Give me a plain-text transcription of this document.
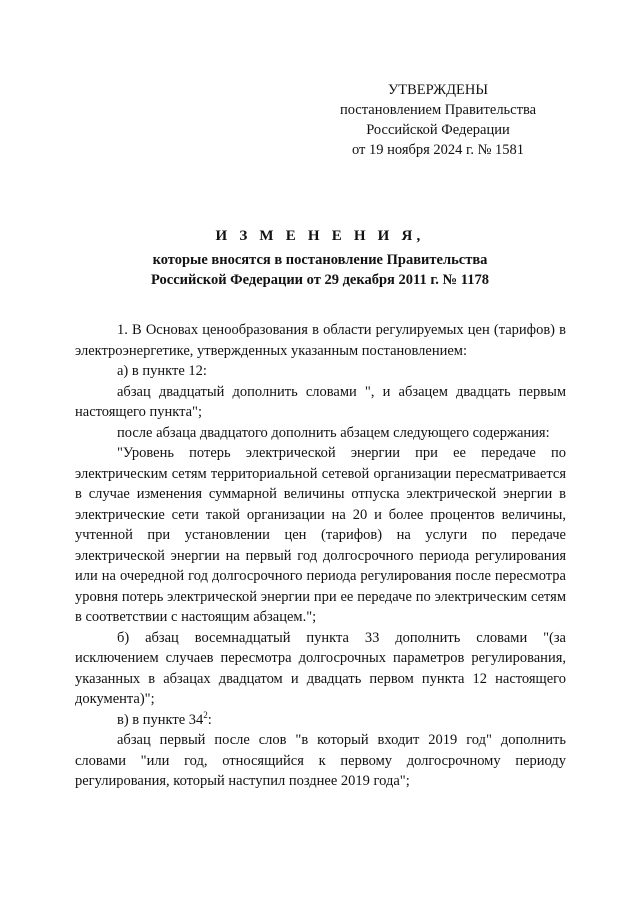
УТВЕРЖДЕНЫ
постановлением Правительства
Российской Федерации
от 19 ноября 2024 г. № 1581
И З М Е Н Е Н И Я,
которые вносятся в постановление Правительства
Российской Федерации от 29 декабря 2011 г. № 1178

1. В Основах ценообразования в области регулируемых цен (тарифов) в электроэнергетике, утвержденных указанным постановлением:

а) в пункте 12:

абзац двадцатый дополнить словами ", и абзацем двадцать первым настоящего пункта";

после абзаца двадцатого дополнить абзацем следующего содержания:

"Уровень потерь электрической энергии при ее передаче по электрическим сетям территориальной сетевой организации пересматривается в случае изменения суммарной величины отпуска электрической энергии в электрические сети такой организации на 20 и более процентов величины, учтенной при установлении цен (тарифов) на услуги по передаче электрической энергии на первый год долгосрочного периода регулирования или на очередной год долгосрочного периода регулирования после пересмотра уровня потерь электрической энергии при ее передаче по электрическим сетям в соответствии с настоящим абзацем.";

б) абзац восемнадцатый пункта 33 дополнить словами "(за исключением случаев пересмотра долгосрочных параметров регулирования, указанных в абзацах двадцатом и двадцать первом пункта 12 настоящего документа)";

в) в пункте $34^2$:

абзац первый после слов "в который входит 2019 год" дополнить словами "или год, относящийся к первому долгосрочному периоду регулирования, который наступил позднее 2019 года";
